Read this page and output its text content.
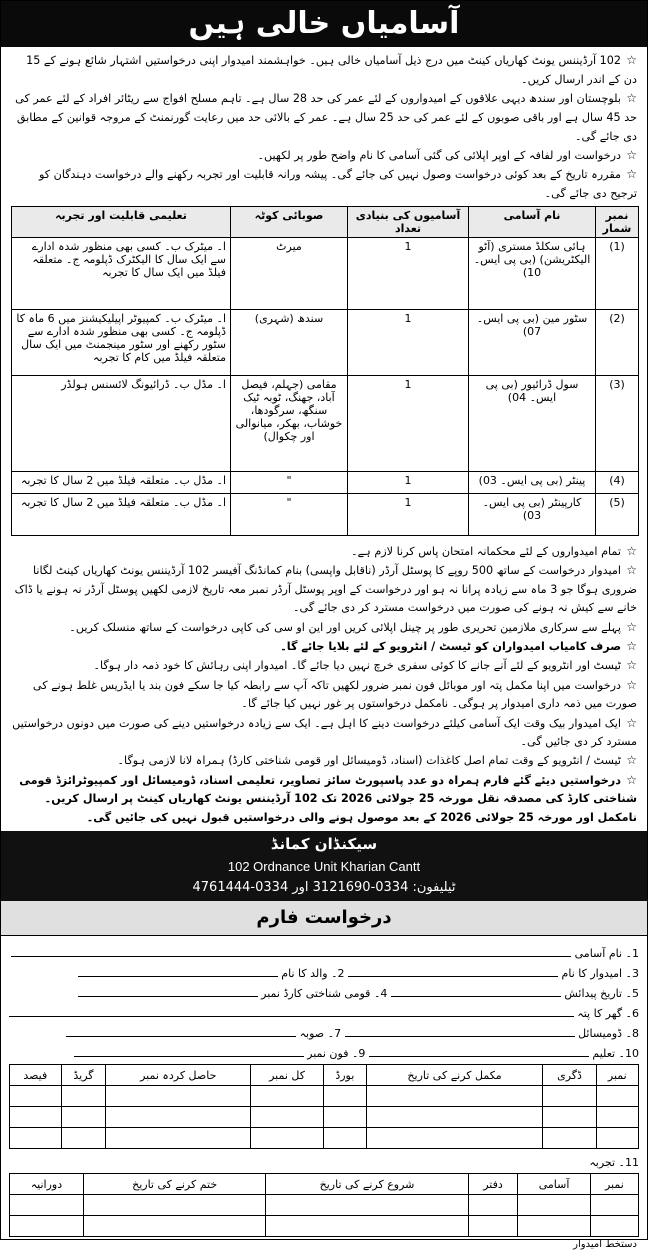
آسامیاں خالی ہیں

☆102 آرڈیننس یونٹ کھاریاں کینٹ میں درج ذیل آسامیاں خالی ہیں۔ خواہشمند امیدوار اپنی درخواستیں اشتہار شائع ہونے کے 15 دن کے اندر ارسال کریں۔

☆بلوچستان اور سندھ دیہی علاقوں کے امیدواروں کے لئے عمر کی حد 28 سال ہے۔ تاہم مسلح افواج سے ریٹائر افراد کے لئے عمر کی حد 45 سال ہے اور باقی صوبوں کے لئے عمر کی حد 25 سال ہے۔ عمر کے بالائی حد میں رعایت گورنمنٹ کے مروجہ قوانین کے مطابق دی جائے گی۔

☆درخواست اور لفافہ کے اوپر اپلائی کی گئی آسامی کا نام واضح طور پر لکھیں۔

☆مقررہ تاریخ کے بعد کوئی درخواست وصول نہیں کی جائے گی۔ پیشہ ورانہ قابلیت اور تجربہ رکھنے والے درخواست دہندگان کو ترجیح دی جائے گی۔

نمبر شمار	نام آسامی	آسامیوں کی بنیادی تعداد	صوبائی کوٹہ	تعلیمی قابلیت اور تجربہ
(1)	ہائی سکلڈ مستری (آٹو الیکٹریشن) (بی پی ایس۔ 10)	1	میرٹ	ا۔ میٹرک ب۔ کسی بھی منظور شدہ ادارے سے ایک سال کا الیکٹرک ڈپلومہ ج۔ متعلقہ فیلڈ میں ایک سال کا تجربہ
(2)	سٹور مین (بی پی ایس۔ 07)	1	سندھ (شہری)	ا۔ میٹرک ب۔ کمپیوٹر اپیلیکیشنز میں 6 ماہ کا ڈپلومہ ج۔ کسی بھی منظور شدہ ادارے سے سٹور رکھنے اور سٹور مینجمنٹ میں ایک سال متعلقہ فیلڈ میں کام کا تجربہ
(3)	سول ڈرائیور (بی پی ایس۔ 04)	1	مقامی (جہلم، فیصل آباد، جھنگ، ٹوبہ ٹیک سنگھ، سرگودھا، خوشاب، بھکر، میانوالی اور چکوال)	ا۔ مڈل ب۔ ڈرائیونگ لائسنس ہولڈر
(4)	پینٹر (بی پی ایس۔ 03)	1	"	ا۔ مڈل ب۔ متعلقہ فیلڈ میں 2 سال کا تجربہ
(5)	کارپینٹر (بی پی ایس۔ 03)	1	"	ا۔ مڈل ب۔ متعلقہ فیلڈ میں 2 سال کا تجربہ

☆تمام امیدواروں کے لئے محکمانہ امتحان پاس کرنا لازم ہے۔

☆امیدوار درخواست کے ساتھ 500 روپے کا پوسٹل آرڈر (ناقابل واپسی) بنام کمانڈنگ آفیسر 102 آرڈیننس یونٹ کھاریاں کینٹ لگانا ضروری ہوگا جو 3 ماہ سے زیادہ پرانا نہ ہو اور درخواست کے اوپر پوسٹل آرڈر نمبر معہ تاریخ لازمی لکھیں پوسٹل آرڈر نہ ہونے یا ڈاک خانے سے کیش نہ ہونے کی صورت میں درخواست مسترد کر دی جائے گی۔

☆پہلے سے سرکاری ملازمین تحریری طور پر چینل اپلائی کریں اور این او سی کی کاپی درخواست کے ساتھ منسلک کریں۔

☆صرف کامیاب امیدواران کو ٹیسٹ / انٹرویو کے لئے بلایا جائے گا۔

☆ٹیسٹ اور انٹرویو کے لئے آنے جانے کا کوئی سفری خرچ نہیں دیا جائے گا۔ امیدوار اپنی رہائش کا خود ذمہ دار ہوگا۔

☆درخواست میں اپنا مکمل پتہ اور موبائل فون نمبر ضرور لکھیں تاکہ آپ سے رابطہ کیا جا سکے فون بند یا ایڈریس غلط ہونے کی صورت میں ذمہ داری امیدوار پر ہوگی۔ نامکمل درخواستوں پر غور نہیں کیا جائے گا۔

☆ایک امیدوار بیک وقت ایک آسامی کیلئے درخواست دینے کا اہل ہے۔ ایک سے زیادہ درخواستیں دینے کی صورت میں دونوں درخواستیں مسترد کر دی جائیں گی۔

☆ٹیسٹ / انٹرویو کے وقت تمام اصل کاغذات (اسناد، ڈومیسائل اور قومی شناختی کارڈ) ہمراہ لانا لازمی ہوگا۔

☆درخواستیں دیئے گئے فارم ہمراہ دو عدد پاسپورٹ سائز تصاویر، تعلیمی اسناد، ڈومیسائل اور کمپیوٹرائزڈ قومی شناختی کارڈ کی مصدقہ نقل مورخہ 25 جولائی 2026 تک 102 آرڈیننس یونٹ کھاریاں کینٹ پر ارسال کریں۔ نامکمل اور مورخہ 25 جولائی 2026 کے بعد موصول ہونے والی درخواستیں قبول نہیں کی جائیں گی۔

سیکنڈان کمانڈ
102 Ordnance Unit Kharian Cantt
ٹیلیفون: 0334-3121690 اور 0334-4761444
درخواست فارم
1۔ نام آسامی
3۔ امیدوار کا نام  2۔ والد کا نام
5۔ تاریخ پیدائش  4۔ قومی شناختی کارڈ نمبر
6۔ گھر کا پتہ
8۔ ڈومیسائل  7۔ صوبہ
10۔ تعلیم  9۔ فون نمبر
نمبر	ڈگری	مکمل کرنے کی تاریخ	بورڈ	کل نمبر	حاصل کردہ نمبر	گریڈ	فیصد

11۔ تجربہ
نمبر	آسامی	دفتر	شروع کرنے کی تاریخ	ختم کرنے کی تاریخ	دورانیہ

دستخط امیدوار
